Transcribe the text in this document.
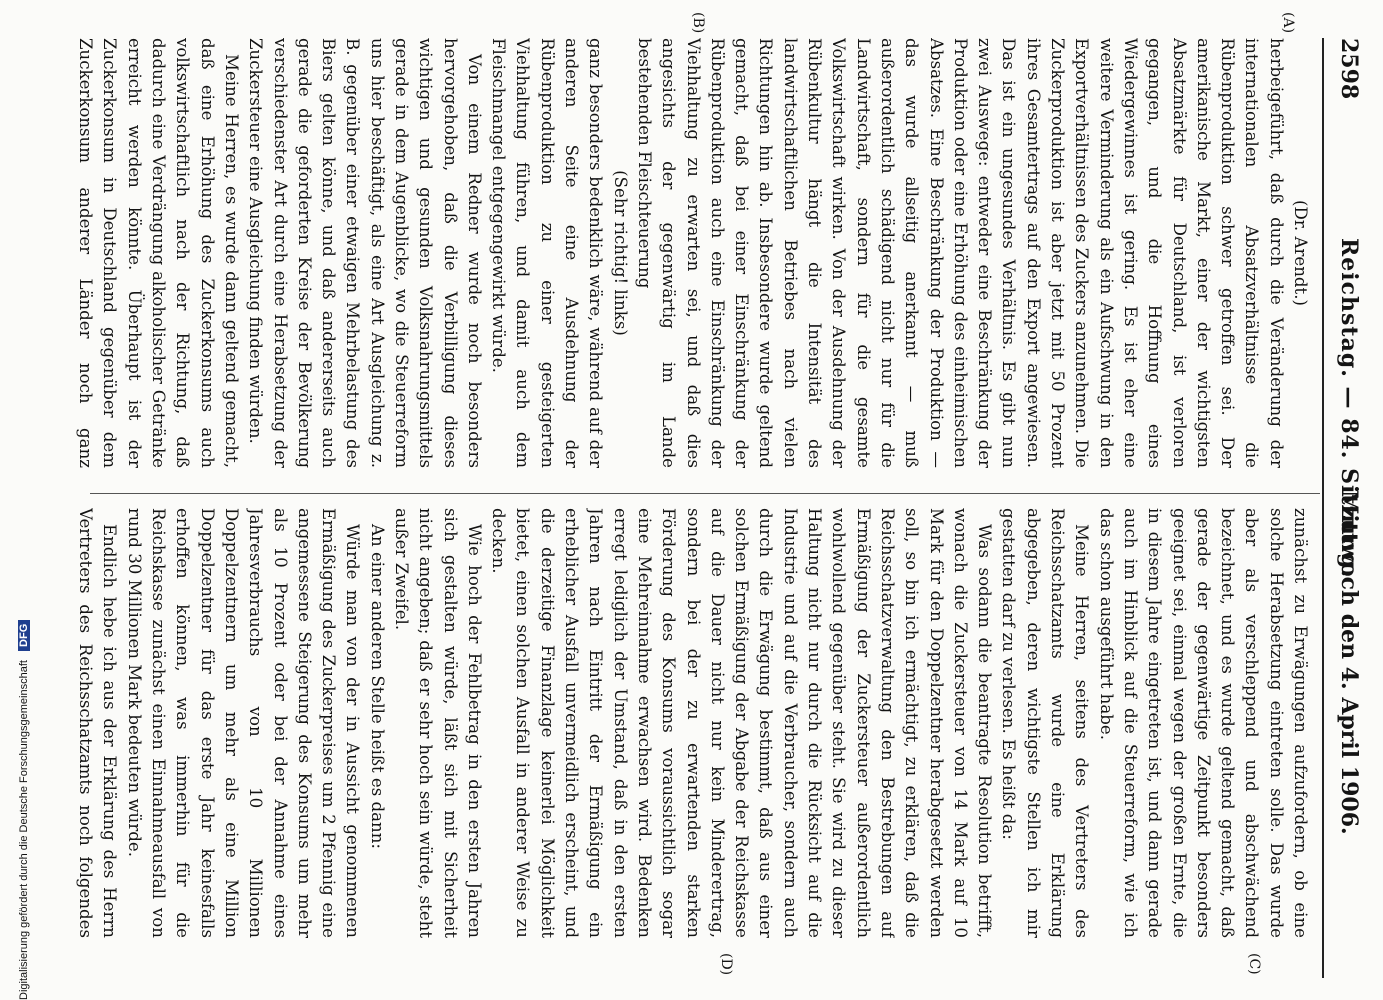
2598
Reichstag. — 84. Sitzung.
Mittwoch den 4. April 1906.
(A)
(B)
(C)
(D)

(Dr. Arendt.)

herbeigeführt, daß durch die Veränderung der internationalen Absatzverhältnisse die Rübenproduktion schwer getroffen sei. Der amerikanische Markt, einer der wichtigsten Absatzmärkte für Deutschland, ist verloren gegangen, und die Hoffnung eines Wiedergewinnes ist gering. Es ist eher eine weitere Verminderung als ein Aufschwung in den Exportverhältnissen des Zuckers anzunehmen. Die Zuckerproduktion ist aber jetzt mit 50 Prozent ihres Gesamtertrags auf den Export angewiesen. Das ist ein ungesundes Verhältnis. Es gibt nun zwei Auswege: entweder eine Beschränkung der Produktion oder eine Erhöhung des einheimischen Absatzes. Eine Beschränkung der Produktion — das wurde allseitig anerkannt — muß außerordentlich schädigend nicht nur für die Landwirtschaft, sondern für die gesamte Volkswirtschaft wirken. Von der Ausdehnung der Rübenkultur hängt die Intensität des landwirtschaftlichen Betriebes nach vielen Richtungen hin ab. Insbesondere wurde geltend gemacht, daß bei einer Einschränkung der Rübenproduktion auch eine Einschränkung der Viehhaltung zu erwarten sei, und daß dies angesichts der gegenwärtig im Lande bestehenden Fleischteuerung

(Sehr richtig! links)

ganz besonders bedenklich wäre, während auf der anderen Seite eine Ausdehnung der Rübenproduktion zu einer gesteigerten Viehhaltung führen, und damit auch dem Fleischmangel entgegengewirkt würde.

Von einem Redner wurde noch besonders hervorgehoben, daß die Verbilligung dieses wichtigen und gesunden Volksnahrungsmittels gerade in dem Augenblicke, wo die Steuerreform uns hier beschäftigt, als eine Art Ausgleichung z. B. gegenüber einer etwaigen Mehrbelastung des Biers gelten könne, und daß andererseits auch gerade die geforderten Kreise der Bevölkerung verschiedenster Art durch eine Herabsetzung der Zuckersteuer eine Ausgleichung finden würden.

Meine Herren, es wurde dann geltend gemacht, daß eine Erhöhung des Zuckerkonsums auch volkswirtschaftlich nach der Richtung, daß dadurch eine Verdrängung alkoholischer Getränke erreicht werden könnte. Überhaupt ist der Zuckerkonsum in Deutschland gegenüber dem Zuckerkonsum anderer Länder noch ganz

zunächst zu Erwägungen aufzufordern, ob eine solche Herabsetzung eintreten solle. Das wurde aber als verschleppend und abschwächend bezeichnet, und es wurde geltend gemacht, daß gerade der gegenwärtige Zeitpunkt besonders geeignet sei, einmal wegen der großen Ernte, die in diesem Jahre eingetreten ist, und dann gerade auch im Hinblick auf die Steuerreform, wie ich das schon ausgeführt habe.

Meine Herren, seitens des Vertreters des Reichsschatzamts wurde eine Erklärung abgegeben, deren wichtigste Stellen ich mir gestatten darf zu verlesen. Es heißt da:

Was sodann die beantragte Resolution betrifft, wonach die Zuckersteuer von 14 Mark auf 10 Mark für den Doppelzentner herabgesetzt werden soll, so bin ich ermächtigt, zu erklären, daß die Reichsschatzverwaltung den Bestrebungen auf Ermäßigung der Zuckersteuer außerordentlich wohlwollend gegenüber steht. Sie wird zu dieser Haltung nicht nur durch die Rücksicht auf die Industrie und auf die Verbraucher, sondern auch durch die Erwägung bestimmt, daß aus einer solchen Ermäßigung der Abgabe der Reichskasse auf die Dauer nicht nur kein Minderertrag, sondern bei der zu erwartenden starken Förderung des Konsums voraussichtlich sogar eine Mehreinnahme erwachsen wird. Bedenken erregt lediglich der Umstand, daß in den ersten Jahren nach Eintritt der Ermäßigung ein erheblicher Ausfall unvermeidlich erscheint, und die derzeitige Finanzlage keinerlei Möglichkeit bietet, einen solchen Ausfall in anderer Weise zu decken.

Wie hoch der Fehlbetrag in den ersten Jahren sich gestalten würde, läßt sich mit Sicherheit nicht angeben; daß er sehr hoch sein würde, steht außer Zweifel.

An einer anderen Stelle heißt es dann:

Würde man von der in Aussicht genommenen Ermäßigung des Zuckerpreises um 2 Pfennig eine angemessene Steigerung des Konsums um mehr als 10 Prozent oder bei der Annahme eines Jahresverbrauchs von 10 Millionen Doppelzentnern um mehr als eine Million Doppelzentner für das erste Jahr keinesfalls erhoffen können, was immerhin für die Reichskasse zunächst einen Einnahmeausfall von rund 30 Millionen Mark bedeuten würde.

Endlich hebe ich aus der Erklärung des Herrn Vertreters des Reichsschatzamts noch folgendes

Digitalisierung gefördert durch die Deutsche Forschungsgemeinschaft DFG
